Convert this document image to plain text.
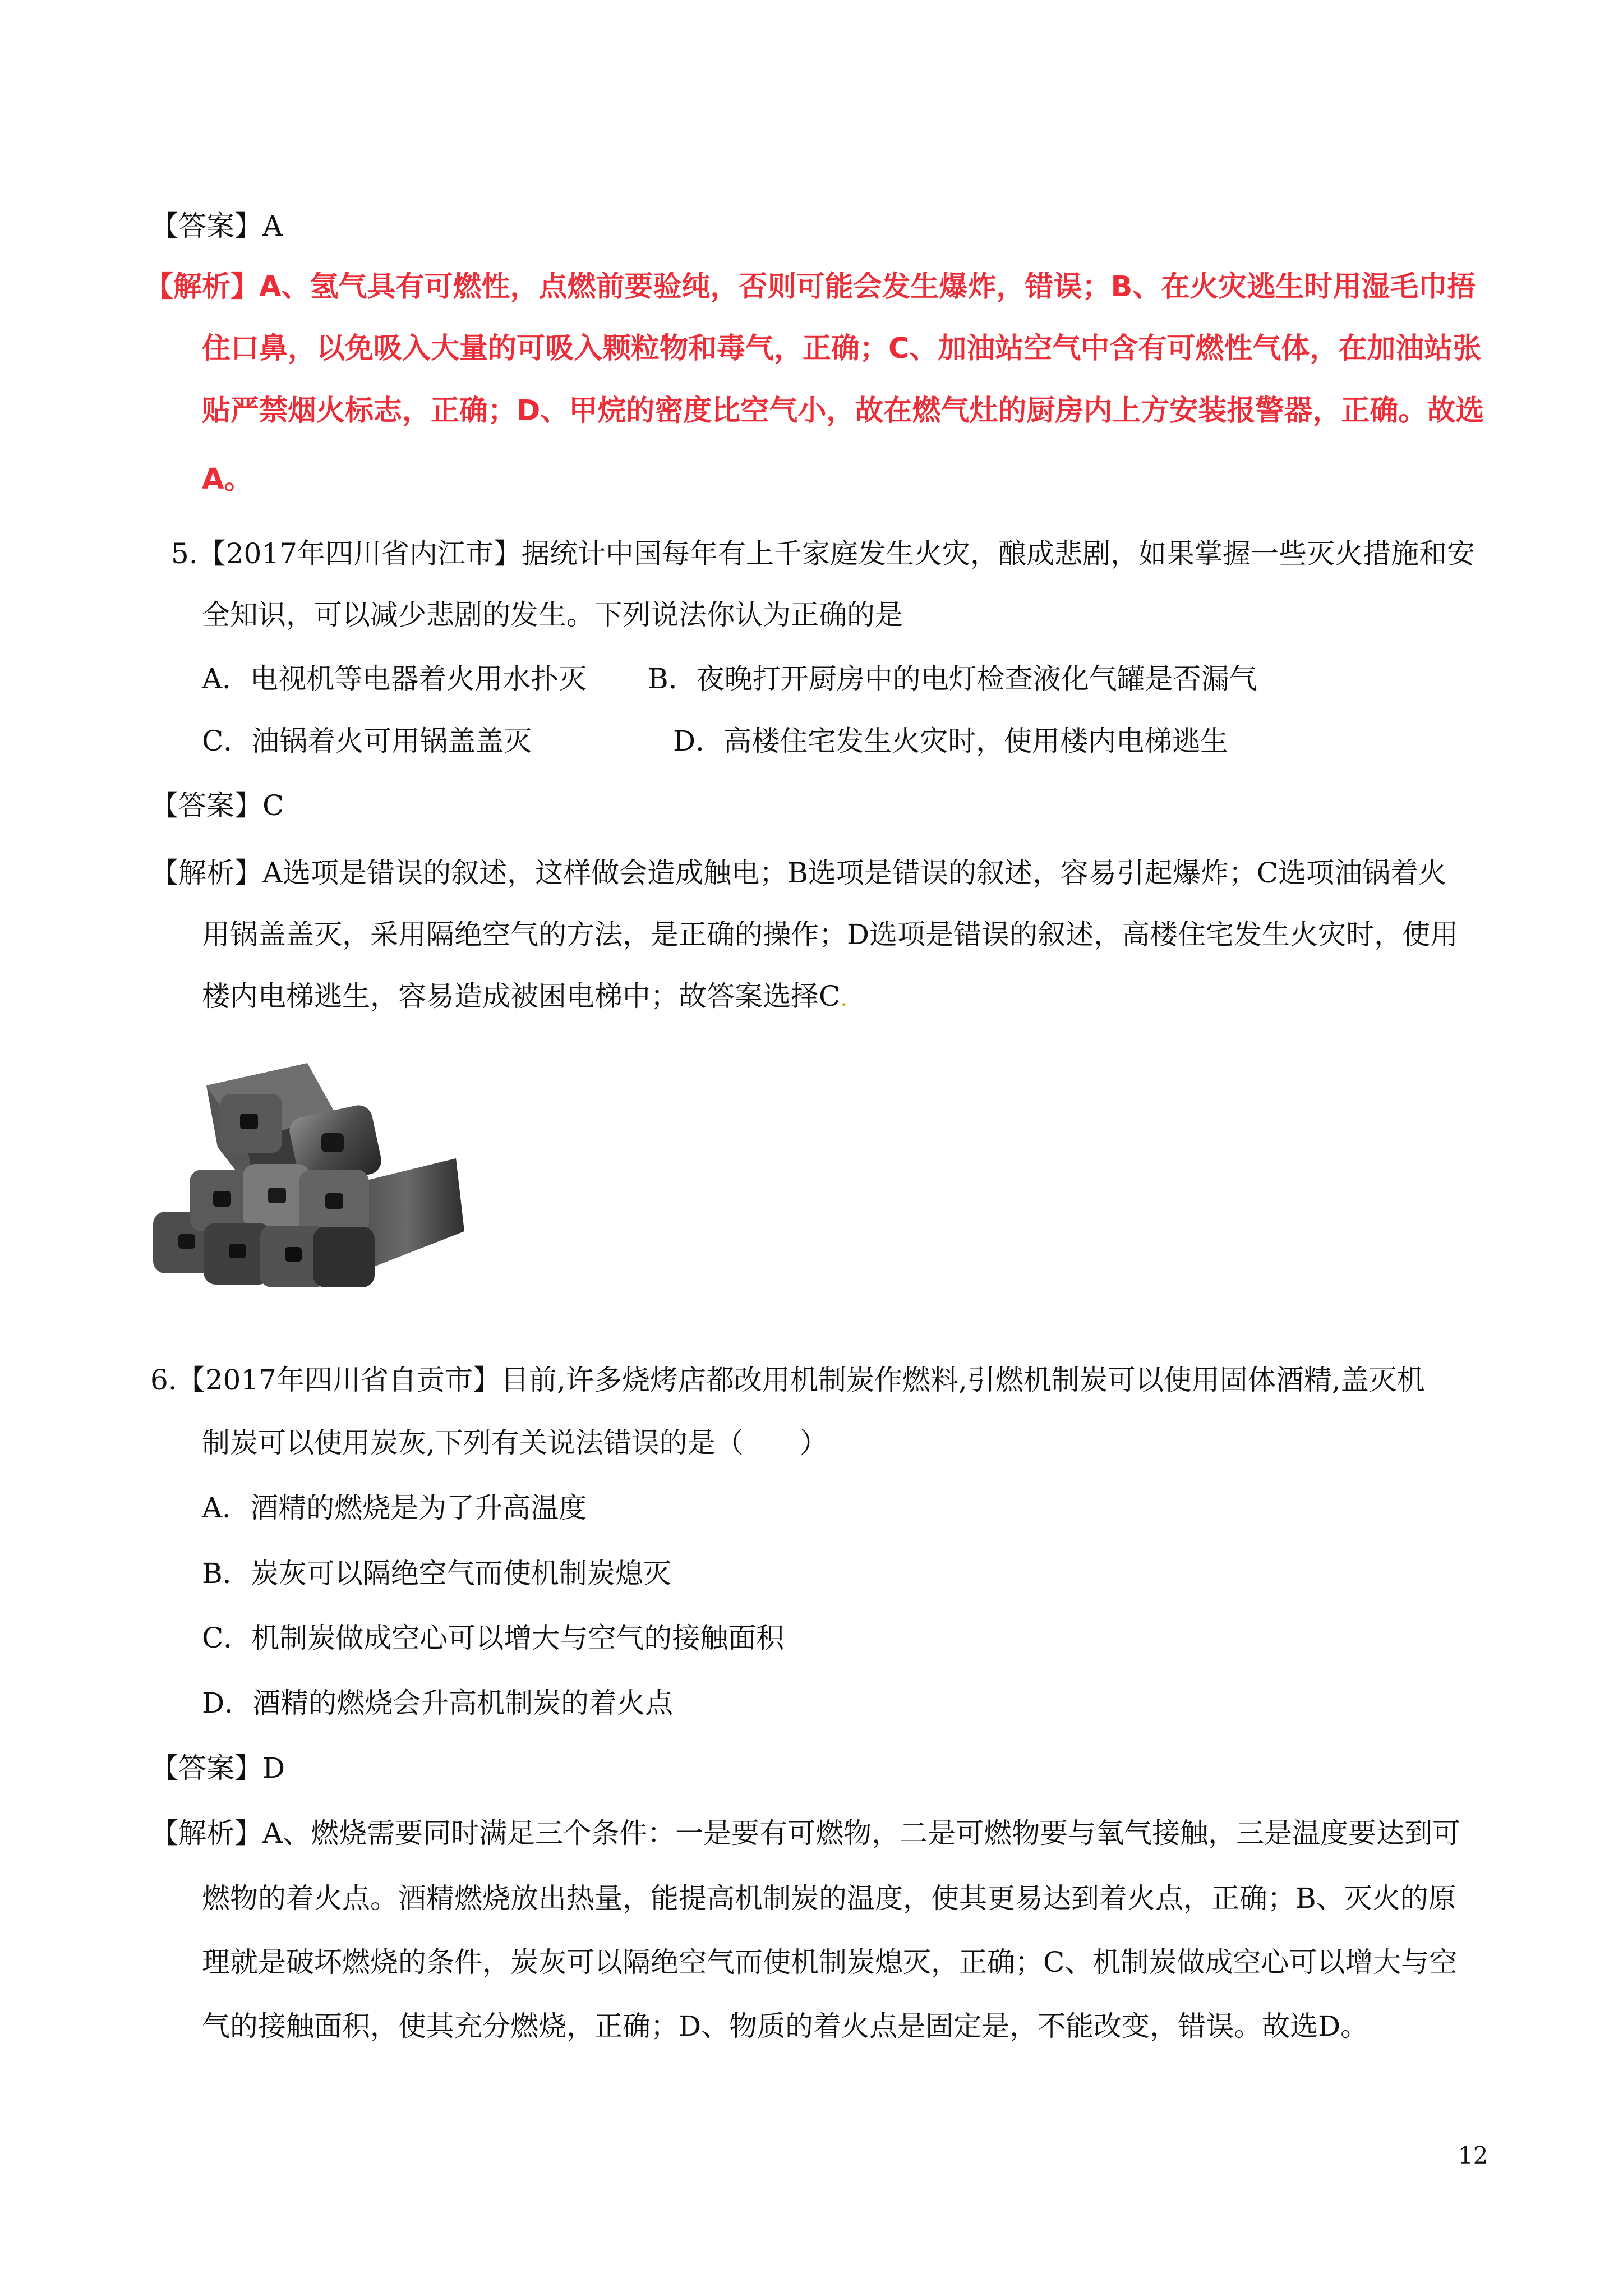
【答案】A
【解析】A、氢气具有可燃性，点燃前要验纯，否则可能会发生爆炸，错误；B、在火灾逃生时用湿毛巾捂
住口鼻，以免吸入大量的可吸入颗粒物和毒气，正确；C、加油站空气中含有可燃性气体，在加油站张
贴严禁烟火标志，正确；D、甲烷的密度比空气小，故在燃气灶的厨房内上方安装报警器，正确。故选
A。
5.【2017年四川省内江市】据统计中国每年有上千家庭发生火灾，酿成悲剧，如果掌握一些灭火措施和安
全知识，可以减少悲剧的发生。下列说法你认为正确的是
A．电视机等电器着火用水扑灭 B．夜晚打开厨房中的电灯检查液化气罐是否漏气
C．油锅着火可用锅盖盖灭	D．高楼住宅发生火灾时，使用楼内电梯逃生
【答案】C
【解析】A选项是错误的叙述，这样做会造成触电；B选项是错误的叙述，容易引起爆炸；C选项油锅着火
用锅盖盖灭，采用隔绝空气的方法，是正确的操作；D选项是错误的叙述，高楼住宅发生火灾时，使用
楼内电梯逃生，容易造成被困电梯中；故答案选择C.
6.【2017年四川省自贡市】目前,许多烧烤店都改用机制炭作燃料,引燃机制炭可以使用固体酒精,盖灭机
制炭可以使用炭灰,下列有关说法错误的是（　　）
A．酒精的燃烧是为了升高温度
B．炭灰可以隔绝空气而使机制炭熄灭
C．机制炭做成空心可以增大与空气的接触面积
D．酒精的燃烧会升高机制炭的着火点
【答案】D
【解析】A、燃烧需要同时满足三个条件：一是要有可燃物，二是可燃物要与氧气接触，三是温度要达到可
燃物的着火点。酒精燃烧放出热量，能提高机制炭的温度，使其更易达到着火点，正确；B、灭火的原
理就是破坏燃烧的条件，炭灰可以隔绝空气而使机制炭熄灭，正确；C、机制炭做成空心可以增大与空
气的接触面积，使其充分燃烧，正确；D、物质的着火点是固定是，不能改变，错误。故选D。
12
